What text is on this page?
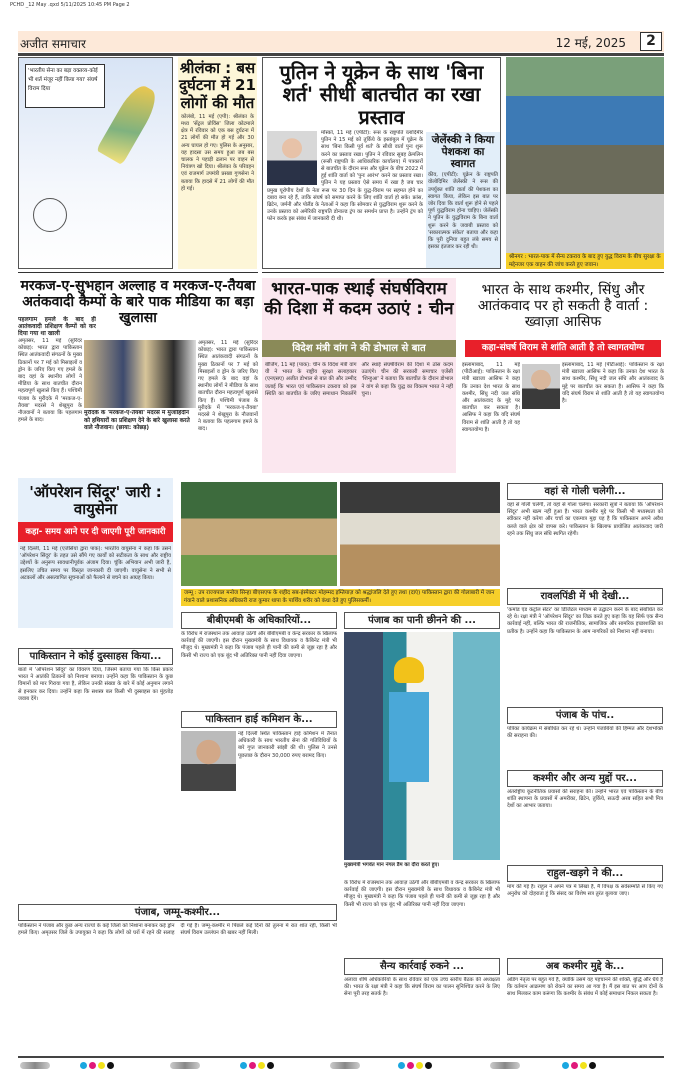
PCHD _12 May .qxd 5/11/2025 10:45 PM Page 2
अजीत समाचार	12 मई, 2025	2
'भारतीय सेना का बड़ा वक्तव्य-कोई भी शर्त मंजूर नहीं किया गया' संघर्ष विराम दिया
श्रीलंका : बस दुर्घटना में 21 लोगों की मौत
कोलंबो, 11 मई (एपी): श्रीलंका के मध्य 'सेंट्रल प्रोविंस' जिला कोटमाले क्षेत्र में रविवार को एक बस दुर्घटना में 21 लोगों की मौत हो गई और 30 अन्य घायल हो गए। पुलिस के अनुसार, यह हादसा उस समय हुआ जब बस चालक ने पहाड़ी ढलान पर वाहन से नियंत्रण खो दिया। श्रीलंका के परिवहन एवं राजमार्ग उपमंत्री प्रसन्ना गुणसेना ने बताया कि हादसे में 21 लोगों की मौत हो गई।
पुतिन ने यूक्रेन के साथ 'बिना शर्त' सीधी बातचीत का रखा प्रस्ताव
मॉस्को, 11 मई (एपीटी): रूस के राष्ट्रपति व्लादिमीर पुतिन ने 15 मई को तुर्किये के इस्तांबुल में यूक्रेन के साथ 'बिना किसी पूर्व शर्त' के सीधी वार्ता पुनः शुरू करने का प्रस्ताव रखा। पुतिन ने रविवार सुबह क्रेमलिन (रूसी राष्ट्रपति के आधिकारिक कार्यालय) में पत्रकारों से बातचीत के दौरान रूस और यूक्रेन के बीच 2022 में हुई शांति वार्ता को 'पुनः आरंभ' करने का प्रस्ताव रखा। पुतिन ने यह प्रस्ताव ऐसे समय में रखा है जब चार प्रमुख यूरोपीय देशों के नेता रूस पर 30 दिन के युद्ध-विराम पर सहमत होने का दबाव बना रहे हैं, ताकि संघर्ष को समाप्त करने के लिए शांति वार्ता हो सके। फ्रांस, ब्रिटेन, जर्मनी और पोलैंड के नेताओं ने कहा कि सोमवार से युद्धविराम शुरू करने के उनके प्रस्ताव को अमेरिकी राष्ट्रपति डोनाल्ड ट्रंप का समर्थन प्राप्त है। उन्होंने ट्रंप को फोन करके इस संबंध में जानकारी दी थी।
जेलेंस्की ने किया पेशकश का स्वागत
कीव, (एपीटी): यूक्रेन के राष्ट्रपति वोलोदिमिर जेलेंस्की ने रूस की उपर्युक्त शांति वार्ता की पेशकश का स्वागत किया, लेकिन इस बात पर जोर दिया कि वार्ता शुरू होने से पहले पूर्ण युद्धविराम होना चाहिए। जेलेंस्की ने पुतिन के युद्धविराम के बिना वार्ता शुरू करने के जवाबी प्रस्ताव को 'सकारात्मक संकेत' बताया और कहा कि पूरी दुनिया बहुत लंबे समय से इसका इंतजार कर रही थी।
श्रीनगर : भारत-पाक में सैन्य टकराव के बाद हुए युद्ध विराम के बीच सुरक्षा के मद्देनजर एक वाहन की जांच करते हुए जवान।
मरकज-ए-सुभहान अल्लाह व मरकज-ए-तैयबा अतंकवादी कैम्पों के बारे पाक मीडिया का बड़ा खुलासा
पहलगाम हमले के बाद ही आतंकवादी प्रशिक्षण कैम्पों को कर दिया गया था खाली
अमृतसर, 11 मई (सुरिंदर कोछड़): भारत द्वारा पाकिस्तान स्थित आतंकवादी संगठनों के मुख्य ठिकानों पर 7 मई को मिसाइलों व ड्रोन के जरिए किए गए हमले के बाद वहां के स्थानीय लोगों ने मीडिया के साथ बातचीत दौरान महत्वपूर्ण खुलासे किए हैं। पश्चिमी पंजाब के मुरीदके में 'मरकज-ए-तैयबा' मदरसे ने शेखुपुरा के नौजवानों ने बताया कि पहलगाम हमले के बाद।
मुरीदके के 'मरकज-ए-तैयबा' मदरसे में मुजाहिदीन को हथियारों का प्रशिक्षण देने के बारे खुलासा करते वाले नौजवान। (छाया: कोछड़)
अमृतसर, 11 मई (सुरिंदर कोछड़): भारत द्वारा पाकिस्तान स्थित आतंकवादी संगठनों के मुख्य ठिकानों पर 7 मई को मिसाइलों व ड्रोन के जरिए किए गए हमले के बाद वहां के स्थानीय लोगों ने मीडिया के साथ बातचीत दौरान महत्वपूर्ण खुलासे किए हैं। पश्चिमी पंजाब के मुरीदके में 'मरकज-ए-तैयबा' मदरसे ने शेखुपुरा के नौजवानों ने बताया कि पहलगाम हमले के बाद।
भारत-पाक स्थाई संघर्षविराम की दिशा में कदम उठाएं : चीन
विदेश मंत्री वांग ने की डोभाल से बात
बीजिंग, 11 मई (पाक): चीन के विदेश मंत्री वांग यी ने भारत के राष्ट्रीय सुरक्षा सलाहकार (एनएसए) अजीत डोभाल से बात की और उम्मीद जताई कि भारत एवं पाकिस्तान टकराव को इस स्थिति का बातचीत के जरिए समाधान निकालेंगे और स्थाई संघर्षविराम की दिशा में ठोस कदम उठाएंगे। चीन की सरकारी समाचार एजेंसी 'शिन्हुआ' ने बताया कि बातचीत के दौरान डोभाल ने वांग से कहा कि युद्ध का विकल्प भारत ने नहीं चुना।
भारत के साथ कश्मीर, सिंधु और आतंकवाद पर हो सकती है वार्ता : ख्वाज़ा आसिफ
कहा-संघर्ष विराम से शांति आती है तो स्वागतयोग्य
इस्लामाबाद, 11 मई (पीटीआई): पाकिस्तान के रक्षा मंत्री ख्वाजा आसिफ ने कहा कि उनका देश भारत के साथ कश्मीर, सिंधु नदी जल संधि और आतंकवाद के मुद्दे पर बातचीत कर सकता है। आसिफ ने कहा कि यदि संघर्ष विराम से शांति आती है तो यह स्वागतयोग्य है।
इस्लामाबाद, 11 मई (पीटीआई): पाकिस्तान के रक्षा मंत्री ख्वाजा आसिफ ने कहा कि उनका देश भारत के साथ कश्मीर, सिंधु नदी जल संधि और आतंकवाद के मुद्दे पर बातचीत कर सकता है। आसिफ ने कहा कि यदि संघर्ष विराम से शांति आती है तो यह स्वागतयोग्य है।
'ऑपरेशन सिंदूर' जारी : वायुसेना
कहा- समय आने पर दी जाएगी पूरी जानकारी
नई दिल्ली, 11 मई (एजेंसियां द्वारा पाक): भारतीय वायुसेना ने कहा कि उसने 'ऑपरेशन सिंदूर' के तहत उसे सौंपे गए कार्यों को सटीकता के साथ और राष्ट्रीय उद्देश्यों के अनुरूप सावधानीपूर्वक अंजाम दिया। चूंकि अभियान अभी जारी है, इसलिए उचित समय पर विस्तृत जानकारी दी जाएगी। वायुसेना ने सभी से अटकलों और असत्यापित सूचनाओं को फैलाने से बचने का आग्रह किया।
जम्मू : उप राज्यपाल मनोज सिन्हा बीएसएफ के शहीद सब-इंस्पेक्टर मोहम्मद इम्तियाज़ को श्रद्धांजलि देते हुए तथा (दाएं) पाकिस्तान द्वारा की गोलाबारी में जान गंवाने वाले प्रशासनिक अधिकारी राज कुमार थापा के पार्थिव शरीर को कंधा देते हुए पुलिसकर्मी।
वहां से गोली चलेगी...
वहां से गोली चलेगी, तो यहां से गोला चलेगा। सरकारी सूत्रों ने बताया कि 'ऑपरेशन सिंदूर' अभी खत्म नहीं हुआ है। भारत कश्मीर मुद्दे पर किसी भी मध्यस्थता को स्वीकार नहीं करेगा और चर्चा का एकमात्र मुद्दा यह है कि पाकिस्तान अपने अवैध कब्जे वाले क्षेत्र को वापस करे। पाकिस्तान के खिलाफ प्रायोजित आतंकवाद जारी रहने तक सिंधु जल संधि स्थगित रहेगी।
रावलपिंडी में भी देखी...
'कमांड एंड कंट्रोल सेंटर' का डिजिटल माध्यम से उद्घाटन करने के बाद संबोधित कर रहे थे। रक्षा मंत्री ने 'ऑपरेशन सिंदूर' का जिक्र करते हुए कहा कि यह सिर्फ एक सैन्य कार्रवाई नहीं, बल्कि भारत की राजनीतिक, सामाजिक और सामरिक इच्छाशक्ति का प्रतीक है। उन्होंने कहा कि पाकिस्तान के आम नागरिकों को निशाना नहीं बनाया।
पंजाब के पांच..
पत्रिका कार्यक्रम में संबोधित कर रहे थे। उन्होंने पंजाबियों की हिम्मत और देशभक्ति की सराहना की।
कश्मीर और अन्य मुद्दों पर...
अंतर्राष्ट्रीय कूटनीतिक प्रयासों की सराहना की। उन्होंने भारत एवं पाकिस्तान के बीच शांति स्थापना के प्रयासों में अमरीका, ब्रिटेन, तुर्किये, सऊदी अरब सहित सभी मित्र देशों का आभार जताया।
राहुल-खड़गे ने की...
मांग की गई है। राहुल ने अपने पत्र में लिखा है, मैं विपक्ष के सर्वसम्मति से किए गए अनुरोध को दोहराता हूं कि संसद का विशेष सत्र तुरंत बुलाया जाए।
अब कश्मीर मुद्दे के...
अडिग नेतृत्व पर बहुत गर्व है, क्योंकि उसमें यह पहचानने की शक्ति, बुद्धि और धैर्य है कि वर्तमान आक्रमण को रोकने का समय आ गया है। मैं इस बात पर आप दोनों के साथ मिलकर काम करूंगा कि कश्मीर के संबंध में कोई समाधान निकल सकता है।
पाकिस्तान ने कोई दुस्साहस किया...
बातों में 'ऑपरेशन सिंदूर' का विवरण दिया, जिसमें बताया गया कि किस प्रकार भारत ने आतंकी ठिकानों को निशाना बनाया। उन्होंने कहा कि पाकिस्तान के कुछ विमानों को मार गिराया गया है, लेकिन उनकी संख्या के बारे में कोई अनुमान लगाने से इनकार कर दिया। उन्होंने कहा कि सशस्त्र बल किसी भी दुस्साहस का मुंहतोड़ जवाब देंगे।
बीबीएमबी के अधिकारियों...
के विरोध में राजस्थान तक आवाज़ उठेगी और बीबीएमबी व केन्द्र सरकार के खिलाफ कार्रवाई की जाएगी। इस दौरान मुख्यमंत्री के साथ विधायक व कैबिनेट मंत्री भी मौजूद थे। मुख्यमंत्री ने कहा कि पंजाब पहले ही पानी की कमी से जूझ रहा है और किसी भी राज्य को एक बूंद भी अतिरिक्त पानी नहीं दिया जाएगा।
पाकिस्तान हाई कमिशन के...
नई दिल्ली स्थित पाकिस्तान हाई कमिशन में तैनात अधिकारी के साथ भारतीय सेना की गतिविधियों के बारे गुप्त जानकारी सांझी की थी। पुलिस ने उनसे पूछताछ के दौरान 30,000 रुपए बरामद किए।
पंजाब का पानी छीनने की ...
मुख्यमंत्री भगवंत मान नंगल डैम का दौरा करते हुए।
पंजाब, जम्मू-कश्मीर...
पाकिस्तान ने पंजाब और कुछ अन्य राज्यों के कई जिलों को निशाना बनाकर कई ड्रोन हमले किए। अमृतसर जिले के उपायुक्त ने कहा कि लोगों को घरों में रहने की सलाह दी गई है। जम्मू-कश्मीर में पिछले कई दिनों की तुलना में रात शांत रही, किसी भी संघर्ष विराम उल्लंघन की खबर नहीं मिली।
के विरोध में राजस्थान तक आवाज़ उठेगी और बीबीएमबी व केन्द्र सरकार के खिलाफ कार्रवाई की जाएगी। इस दौरान मुख्यमंत्री के साथ विधायक व कैबिनेट मंत्री भी मौजूद थे। मुख्यमंत्री ने कहा कि पंजाब पहले ही पानी की कमी से जूझ रहा है और किसी भी राज्य को एक बूंद भी अतिरिक्त पानी नहीं दिया जाएगा।
सैन्य कार्रवाई रुकने ...
अलावा शीर्ष अधिकारियों के साथ रविवार को एक उच्च स्तरीय बैठक की अध्यक्षता की। भारत के रक्षा मंत्री ने कहा कि संघर्ष विराम का पालन सुनिश्चित करने के लिए सेना पूरी तरह सतर्क है।
